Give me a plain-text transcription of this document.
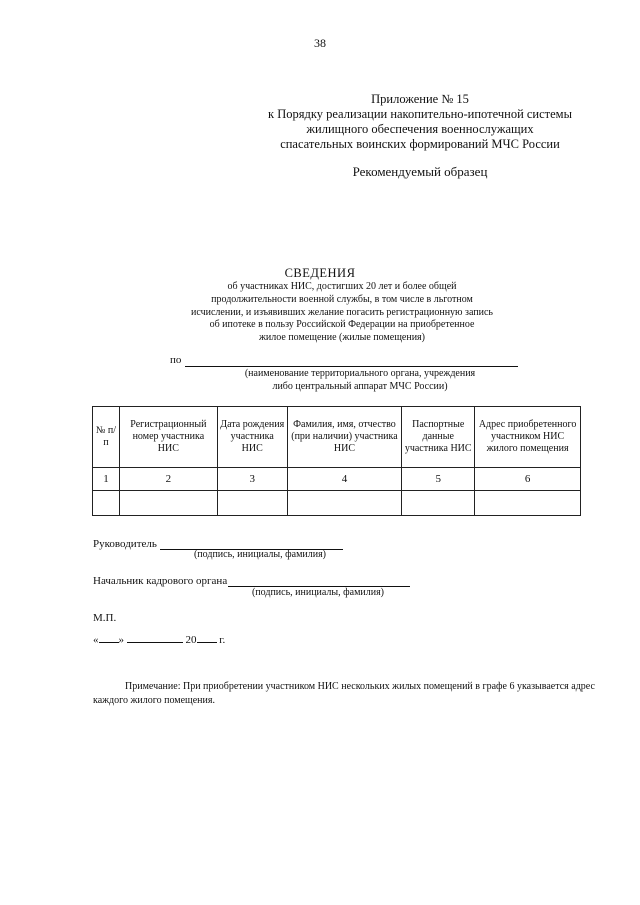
38
Приложение № 15
к Порядку реализации накопительно-ипотечной системы
жилищного обеспечения военнослужащих
спасательных воинских формирований МЧС России
Рекомендуемый образец
СВЕДЕНИЯ
об участниках НИС, достигших 20 лет и более общей
продолжительности военной службы, в том числе в льготном
исчислении, и изъявивших желание погасить регистрационную запись
об ипотеке в пользу Российской Федерации на приобретенное
жилое помещение (жилые помещения)
по
(наименование территориального органа, учреждения
либо центральный аппарат МЧС России)
№ п/п	Регистрационный номер участника НИС	Дата рождения участника НИС	Фамилия, имя, отчество (при наличии) участника НИС	Паспортные данные участника НИС	Адрес приобретенного участником НИС жилого помещения
1	2	3	4	5	6

Руководитель
(подпись, инициалы, фамилия)
Начальник кадрового органа
(подпись, инициалы, фамилия)
М.П.
« »	20 г.
Примечание: При приобретении участником НИС нескольких жилых помещений в графе 6 указывается адрес каждого жилого помещения.
